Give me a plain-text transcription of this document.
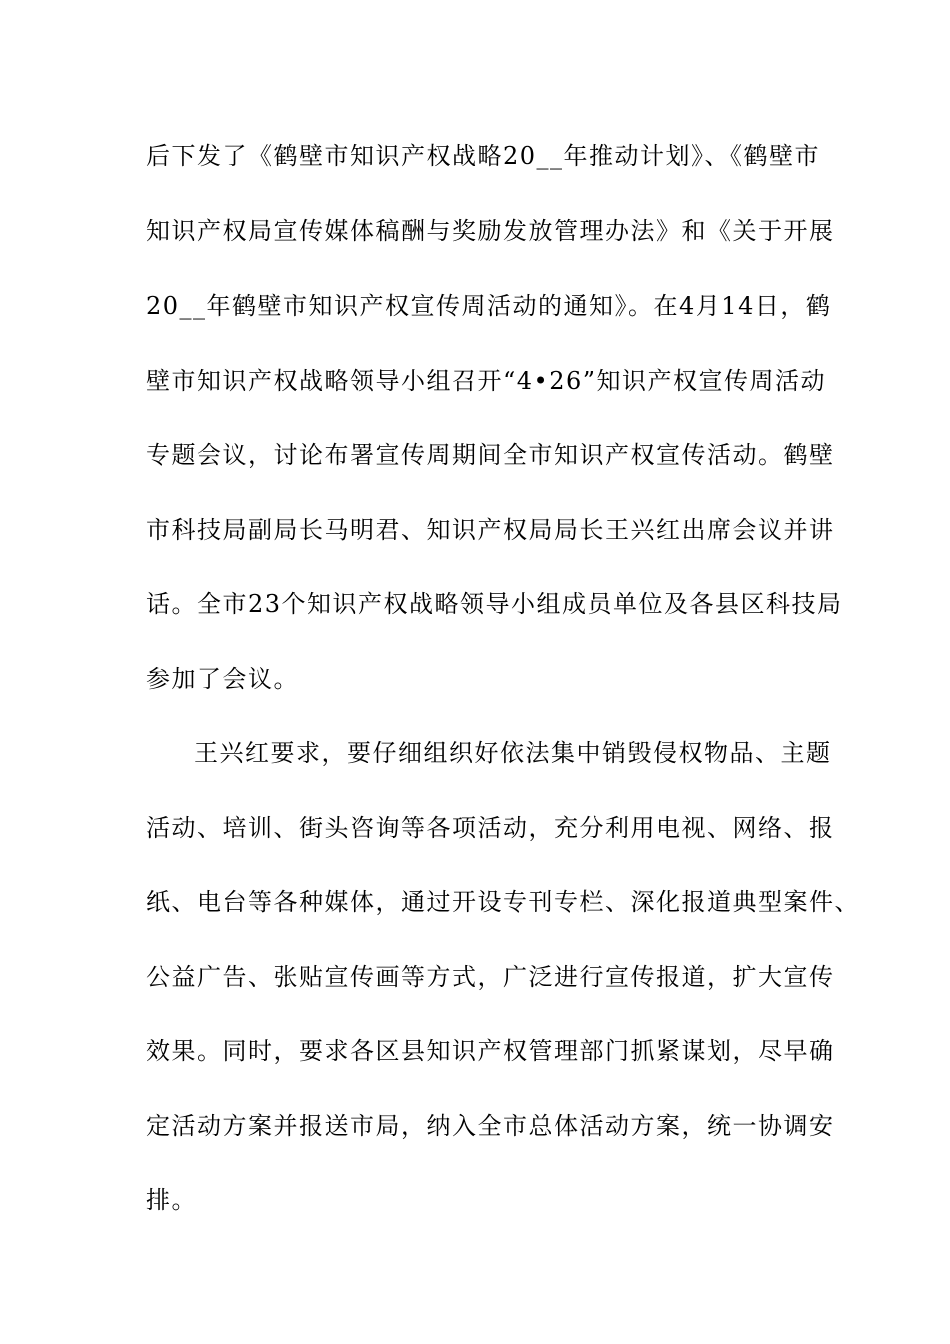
后下发了《鹤壁市知识产权战略20__年推动计划》、《鹤壁市
知识产权局宣传媒体稿酬与奖励发放管理办法》和《关于开展
20__年鹤壁市知识产权宣传周活动的通知》。在4月14日，鹤
壁市知识产权战略领导小组召开“4•26”知识产权宣传周活动
专题会议，讨论布署宣传周期间全市知识产权宣传活动。鹤壁
市科技局副局长马明君、知识产权局局长王兴红出席会议并讲
话。全市23个知识产权战略领导小组成员单位及各县区科技局
参加了会议。
王兴红要求，要仔细组织好依法集中销毁侵权物品、主题
活动、培训、街头咨询等各项活动，充分利用电视、网络、报
纸、电台等各种媒体，通过开设专刊专栏、深化报道典型案件、
公益广告、张贴宣传画等方式，广泛进行宣传报道，扩大宣传
效果。同时，要求各区县知识产权管理部门抓紧谋划，尽早确
定活动方案并报送市局，纳入全市总体活动方案，统一协调安
排。
